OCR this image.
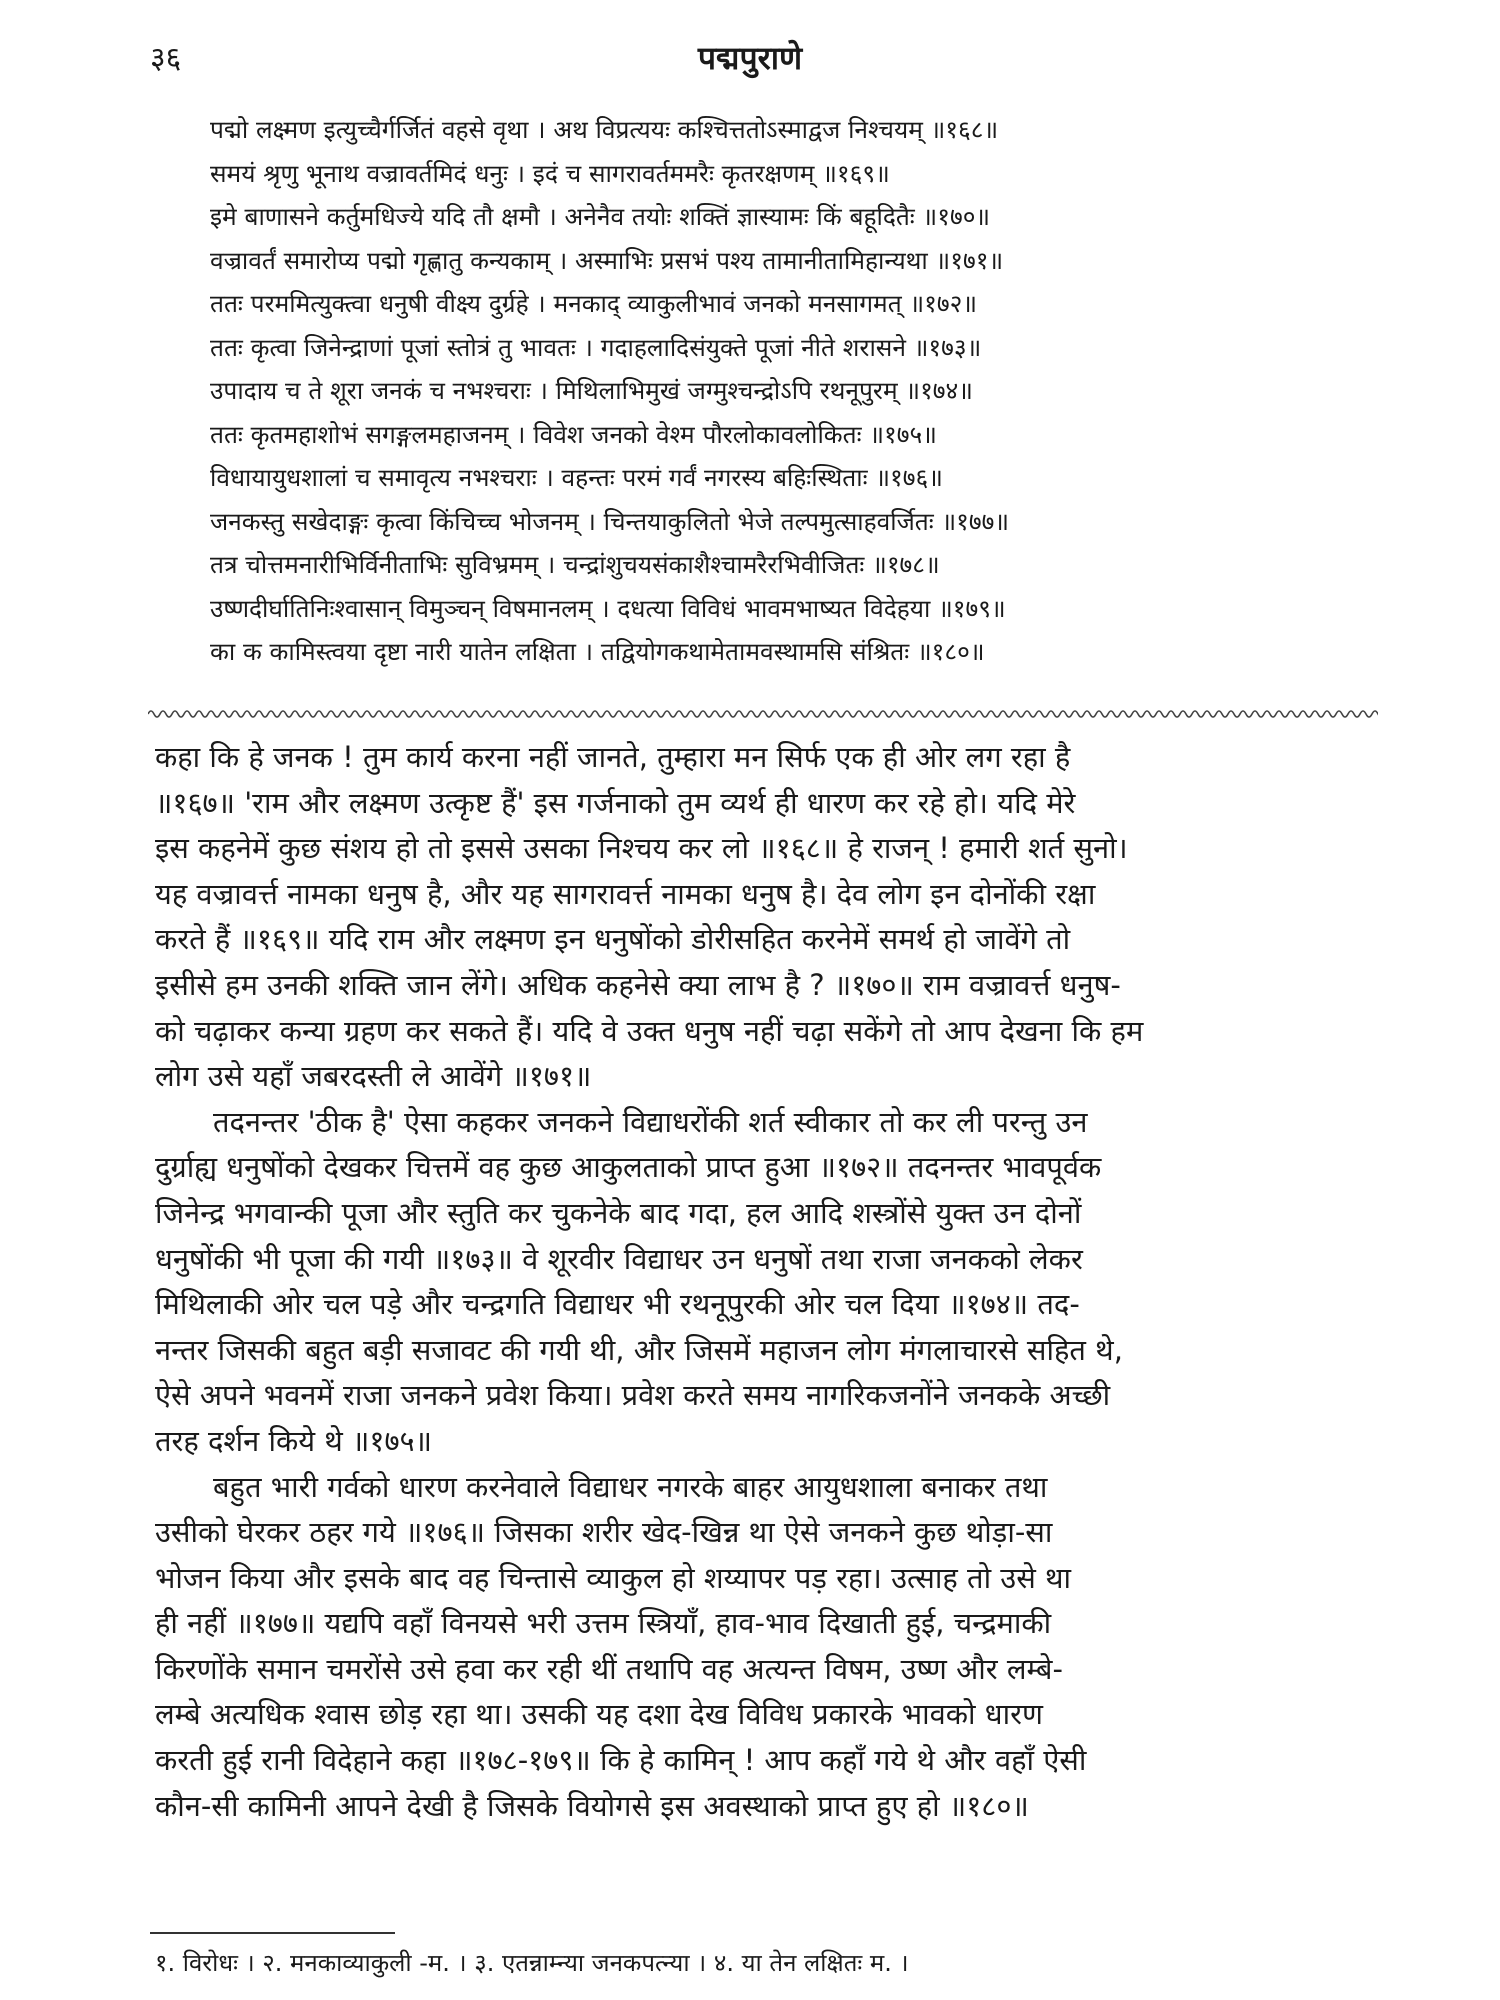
३६	पद्मपुराणे
पद्मो लक्ष्मण इत्युच्चैर्गर्जितं वहसे वृथा । अथ विप्रत्ययः कश्चित्ततोऽस्माद्वज निश्चयम् ॥१६८॥
समयं श्रृणु भूनाथ वज्रावर्तमिदं धनुः । इदं च सागरावर्तममरैः कृतरक्षणम् ॥१६९॥
इमे बाणासने कर्तुमधिज्ये यदि तौ क्षमौ । अनेनैव तयोः शक्तिं ज्ञास्यामः किं बहूदितैः ॥१७०॥
वज्रावर्तं समारोप्य पद्मो गृह्णातु कन्यकाम् । अस्माभिः प्रसभं पश्य तामानीतामिहान्यथा ॥१७१॥
ततः परममित्युक्त्वा धनुषी वीक्ष्य दुर्ग्रहे । मनकाद् व्याकुलीभावं जनको मनसागमत् ॥१७२॥
ततः कृत्वा जिनेन्द्राणां पूजां स्तोत्रं तु भावतः । गदाहलादिसंयुक्ते पूजां नीते शरासने ॥१७३॥
उपादाय च ते शूरा जनकं च नभश्चराः । मिथिलाभिमुखं जग्मुश्चन्द्रोऽपि रथनूपुरम् ॥१७४॥
ततः कृतमहाशोभं सगङ्गलमहाजनम् । विवेश जनको वेश्म पौरलोकावलोकितः ॥१७५॥
विधायायुधशालां च समावृत्य नभश्चराः । वहन्तः परमं गर्वं नगरस्य बहिःस्थिताः ॥१७६॥
जनकस्तु सखेदाङ्गः कृत्वा किंचिच्च भोजनम् । चिन्तयाकुलितो भेजे तल्पमुत्साहवर्जितः ॥१७७॥
तत्र चोत्तमनारीभिर्विनीताभिः सुविभ्रमम् । चन्द्रांशुचयसंकाशैश्चामरैरभिवीजितः ॥१७८॥
उष्णदीर्घातिनिःश्वासान् विमुञ्चन् विषमानलम् । दधत्या विविधं भावमभाष्यत विदेहया ॥१७९॥
का क कामिस्त्वया दृष्टा नारी यातेन लक्षिता । तद्वियोगकथामेतामवस्थामसि संश्रितः ॥१८०॥
कहा कि हे जनक ! तुम कार्य करना नहीं जानते, तुम्हारा मन सिर्फ एक ही ओर लग रहा है
॥१६७॥ 'राम और लक्ष्मण उत्कृष्ट हैं' इस गर्जनाको तुम व्यर्थ ही धारण कर रहे हो। यदि मेरे
इस कहनेमें कुछ संशय हो तो इससे उसका निश्चय कर लो ॥१६८॥ हे राजन् ! हमारी शर्त सुनो।
यह वज्रावर्त्त नामका धनुष है, और यह सागरावर्त्त नामका धनुष है। देव लोग इन दोनोंकी रक्षा
करते हैं ॥१६९॥ यदि राम और लक्ष्मण इन धनुषोंको डोरीसहित करनेमें समर्थ हो जावेंगे तो
इसीसे हम उनकी शक्ति जान लेंगे। अधिक कहनेसे क्या लाभ है ? ॥१७०॥ राम वज्रावर्त्त धनुष-
को चढ़ाकर कन्या ग्रहण कर सकते हैं। यदि वे उक्त धनुष नहीं चढ़ा सकेंगे तो आप देखना कि हम
लोग उसे यहाँ जबरदस्ती ले आवेंगे ॥१७१॥
तदनन्तर 'ठीक है' ऐसा कहकर जनकने विद्याधरोंकी शर्त स्वीकार तो कर ली परन्तु उन
दुर्ग्राह्य धनुषोंको देखकर चित्तमें वह कुछ आकुलताको प्राप्त हुआ ॥१७२॥ तदनन्तर भावपूर्वक
जिनेन्द्र भगवान्की पूजा और स्तुति कर चुकनेके बाद गदा, हल आदि शस्त्रोंसे युक्त उन दोनों
धनुषोंकी भी पूजा की गयी ॥१७३॥ वे शूरवीर विद्याधर उन धनुषों तथा राजा जनकको लेकर
मिथिलाकी ओर चल पड़े और चन्द्रगति विद्याधर भी रथनूपुरकी ओर चल दिया ॥१७४॥ तद-
नन्तर जिसकी बहुत बड़ी सजावट की गयी थी, और जिसमें महाजन लोग मंगलाचारसे सहित थे,
ऐसे अपने भवनमें राजा जनकने प्रवेश किया। प्रवेश करते समय नागरिकजनोंने जनकके अच्छी
तरह दर्शन किये थे ॥१७५॥
बहुत भारी गर्वको धारण करनेवाले विद्याधर नगरके बाहर आयुधशाला बनाकर तथा
उसीको घेरकर ठहर गये ॥१७६॥ जिसका शरीर खेद-खिन्न था ऐसे जनकने कुछ थोड़ा-सा
भोजन किया और इसके बाद वह चिन्तासे व्याकुल हो शय्यापर पड़ रहा। उत्साह तो उसे था
ही नहीं ॥१७७॥ यद्यपि वहाँ विनयसे भरी उत्तम स्त्रियाँ, हाव-भाव दिखाती हुई, चन्द्रमाकी
किरणोंके समान चमरोंसे उसे हवा कर रही थीं तथापि वह अत्यन्त विषम, उष्ण और लम्बे-
लम्बे अत्यधिक श्वास छोड़ रहा था। उसकी यह दशा देख विविध प्रकारके भावको धारण
करती हुई रानी विदेहाने कहा ॥१७८-१७९॥ कि हे कामिन् ! आप कहाँ गये थे और वहाँ ऐसी
कौन-सी कामिनी आपने देखी है जिसके वियोगसे इस अवस्थाको प्राप्त हुए हो ॥१८०॥
१. विरोधः । २. मनकाव्याकुली -म. । ३. एतन्नाम्न्या जनकपत्न्या । ४. या तेन लक्षितः म. ।
